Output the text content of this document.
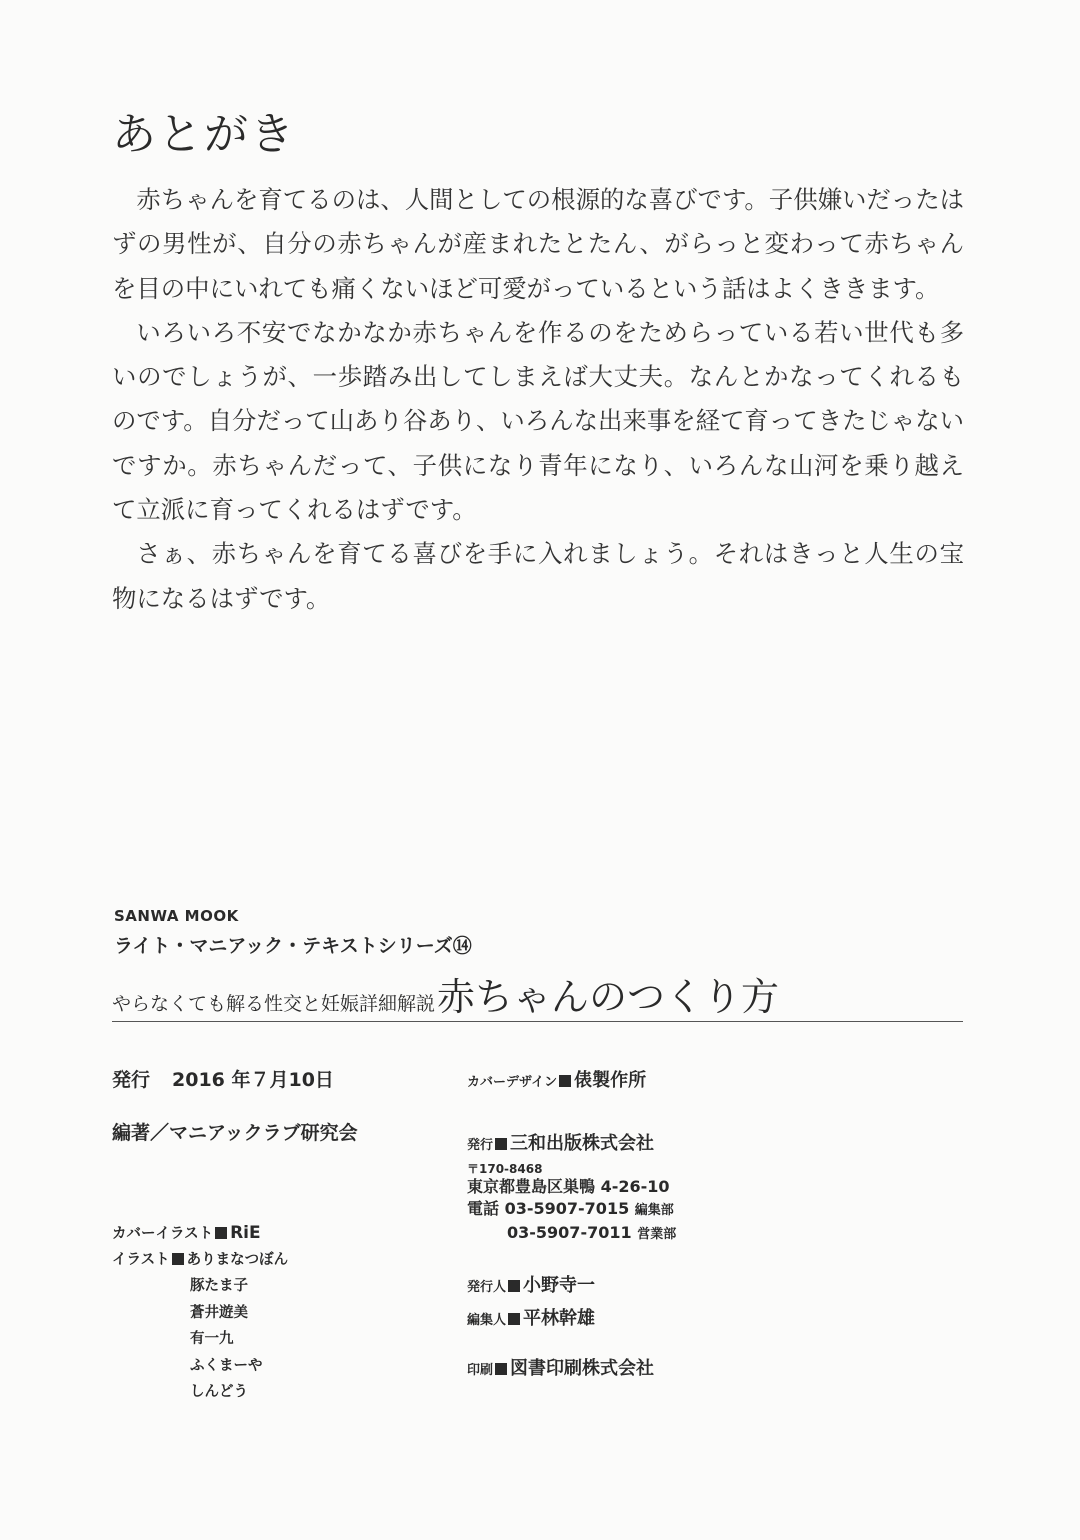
あとがき

赤ちゃんを育てるのは、人間としての根源的な喜びです。子供嫌いだったはずの男性が、自分の赤ちゃんが産まれたとたん、がらっと変わって赤ちゃんを目の中にいれても痛くないほど可愛がっているという話はよくききます。

いろいろ不安でなかなか赤ちゃんを作るのをためらっている若い世代も多いのでしょうが、一歩踏み出してしまえば大丈夫。なんとかなってくれるものです。自分だって山あり谷あり、いろんな出来事を経て育ってきたじゃないですか。赤ちゃんだって、子供になり青年になり、いろんな山河を乗り越えて立派に育ってくれるはずです。

さぁ、赤ちゃんを育てる喜びを手に入れましょう。それはきっと人生の宝物になるはずです。

SANWA MOOK
ライト・マニアック・テキストシリーズ⑭
やらなくても解る性交と妊娠詳細解説赤ちゃんのつくり方
発行 2016 年７月10日
編著／マニアックラブ研究会
カバーイラスト RiE
イラスト ありまなつぼん
豚たま子
蒼井遊美
有一九
ふくまーや
しんどう
カバーデザイン 俵製作所
発行 三和出版株式会社
〒170-8468
東京都豊島区巣鴨 4-26-10
電話 03-5907-7015 編集部
03-5907-7011 営業部
発行人 小野寺一
編集人 平林幹雄
印刷 図書印刷株式会社
